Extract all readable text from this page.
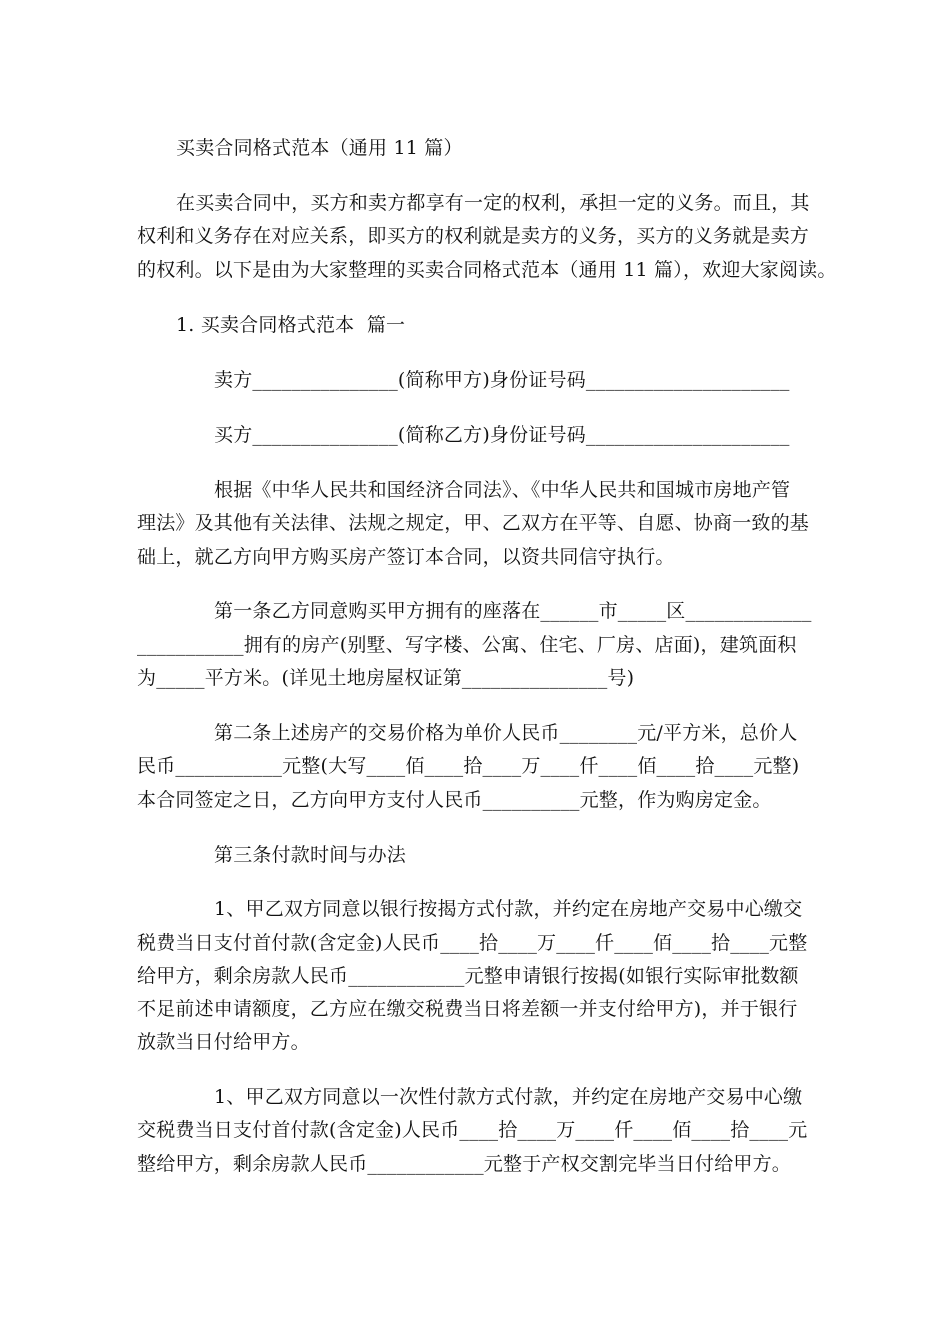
买卖合同格式范本（通用 11 篇）
在买卖合同中，买方和卖方都享有一定的权利，承担一定的义务。而且，其
权利和义务存在对应关系，即买方的权利就是卖方的义务，买方的义务就是卖方
的权利。以下是由为大家整理的买卖合同格式范本（通用 11 篇），欢迎大家阅读。
1. 买卖合同格式范本  篇一
卖方_______________(简称甲方)身份证号码_____________________
买方_______________(简称乙方)身份证号码_____________________
根据《中华人民共和国经济合同法》、《中华人民共和国城市房地产管
理法》及其他有关法律、法规之规定，甲、乙双方在平等、自愿、协商一致的基
础上，就乙方向甲方购买房产签订本合同，以资共同信守执行。
第一条乙方同意购买甲方拥有的座落在______市_____区_____________
___________拥有的房产(别墅、写字楼、公寓、住宅、厂房、店面)，建筑面积
为_____平方米。(详见土地房屋权证第_______________号)
第二条上述房产的交易价格为单价人民币________元/平方米，总价人
民币___________元整(大写____佰____拾____万____仟____佰____拾____元整)
本合同签定之日，乙方向甲方支付人民币__________元整，作为购房定金。
第三条付款时间与办法
1、甲乙双方同意以银行按揭方式付款，并约定在房地产交易中心缴交
税费当日支付首付款(含定金)人民币____拾____万____仟____佰____拾____元整
给甲方，剩余房款人民币____________元整申请银行按揭(如银行实际审批数额
不足前述申请额度，乙方应在缴交税费当日将差额一并支付给甲方)，并于银行
放款当日付给甲方。
1、甲乙双方同意以一次性付款方式付款，并约定在房地产交易中心缴
交税费当日支付首付款(含定金)人民币____拾____万____仟____佰____拾____元
整给甲方，剩余房款人民币____________元整于产权交割完毕当日付给甲方。
